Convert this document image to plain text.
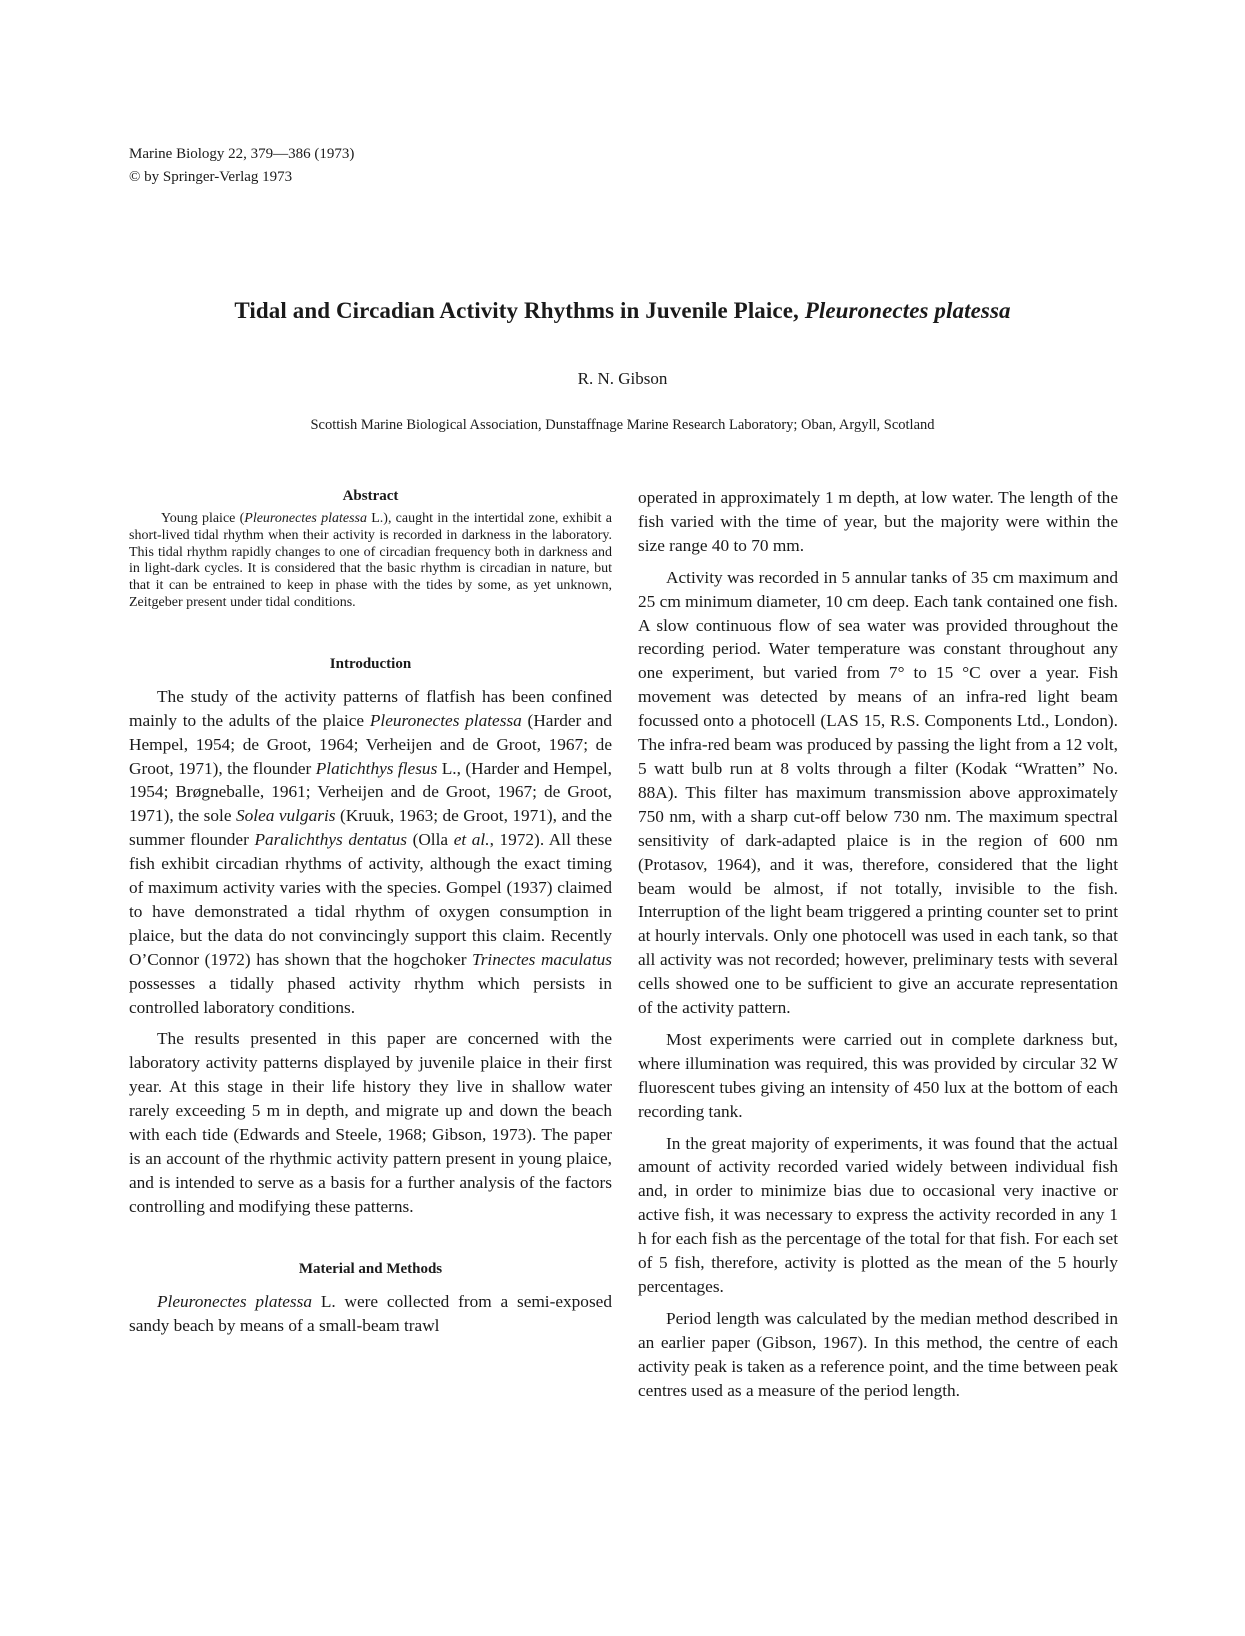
Marine Biology 22, 379—386 (1973)
© by Springer-Verlag 1973
Tidal and Circadian Activity Rhythms in Juvenile Plaice, Pleuronectes platessa
R. N. Gibson
Scottish Marine Biological Association, Dunstaffnage Marine Research Laboratory; Oban, Argyll, Scotland
Abstract

Young plaice (Pleuronectes platessa L.), caught in the intertidal zone, exhibit a short-lived tidal rhythm when their activity is recorded in darkness in the laboratory. This tidal rhythm rapidly changes to one of circadian frequency both in darkness and in light-dark cycles. It is considered that the basic rhythm is circadian in nature, but that it can be entrained to keep in phase with the tides by some, as yet unknown, Zeitgeber present under tidal conditions.

Introduction

The study of the activity patterns of flatfish has been confined mainly to the adults of the plaice Pleuronectes platessa (Harder and Hempel, 1954; de Groot, 1964; Verheijen and de Groot, 1967; de Groot, 1971), the flounder Platichthys flesus L., (Harder and Hempel, 1954; Brøgneballe, 1961; Verheijen and de Groot, 1967; de Groot, 1971), the sole Solea vulgaris (Kruuk, 1963; de Groot, 1971), and the summer flounder Paralichthys dentatus (Olla et al., 1972). All these fish exhibit circadian rhythms of activity, although the exact timing of maximum activity varies with the species. Gompel (1937) claimed to have demonstrated a tidal rhythm of oxygen consumption in plaice, but the data do not convincingly support this claim. Recently O’Connor (1972) has shown that the hogchoker Trinectes maculatus possesses a tidally phased activity rhythm which persists in controlled laboratory conditions.

The results presented in this paper are concerned with the laboratory activity patterns displayed by juvenile plaice in their first year. At this stage in their life history they live in shallow water rarely exceeding 5 m in depth, and migrate up and down the beach with each tide (Edwards and Steele, 1968; Gibson, 1973). The paper is an account of the rhythmic activity pattern present in young plaice, and is intended to serve as a basis for a further analysis of the factors controlling and modifying these patterns.

Material and Methods

Pleuronectes platessa L. were collected from a semi-exposed sandy beach by means of a small-beam trawl

operated in approximately 1 m depth, at low water. The length of the fish varied with the time of year, but the majority were within the size range 40 to 70 mm.

Activity was recorded in 5 annular tanks of 35 cm maximum and 25 cm minimum diameter, 10 cm deep. Each tank contained one fish. A slow continuous flow of sea water was provided throughout the recording period. Water temperature was constant throughout any one experiment, but varied from 7° to 15 °C over a year. Fish movement was detected by means of an infra-red light beam focussed onto a photocell (LAS 15, R.S. Components Ltd., London). The infra-red beam was produced by passing the light from a 12 volt, 5 watt bulb run at 8 volts through a filter (Kodak “Wratten” No. 88A). This filter has maximum transmission above approximately 750 nm, with a sharp cut-off below 730 nm. The maximum spectral sensitivity of dark-adapted plaice is in the region of 600 nm (Protasov, 1964), and it was, therefore, considered that the light beam would be almost, if not totally, invisible to the fish. Interruption of the light beam triggered a printing counter set to print at hourly intervals. Only one photocell was used in each tank, so that all activity was not recorded; however, preliminary tests with several cells showed one to be sufficient to give an accurate representation of the activity pattern.

Most experiments were carried out in complete darkness but, where illumination was required, this was provided by circular 32 W fluorescent tubes giving an intensity of 450 lux at the bottom of each recording tank.

In the great majority of experiments, it was found that the actual amount of activity recorded varied widely between individual fish and, in order to minimize bias due to occasional very inactive or active fish, it was necessary to express the activity recorded in any 1 h for each fish as the percentage of the total for that fish. For each set of 5 fish, therefore, activity is plotted as the mean of the 5 hourly percentages.

Period length was calculated by the median method described in an earlier paper (Gibson, 1967). In this method, the centre of each activity peak is taken as a reference point, and the time between peak centres used as a measure of the period length.
